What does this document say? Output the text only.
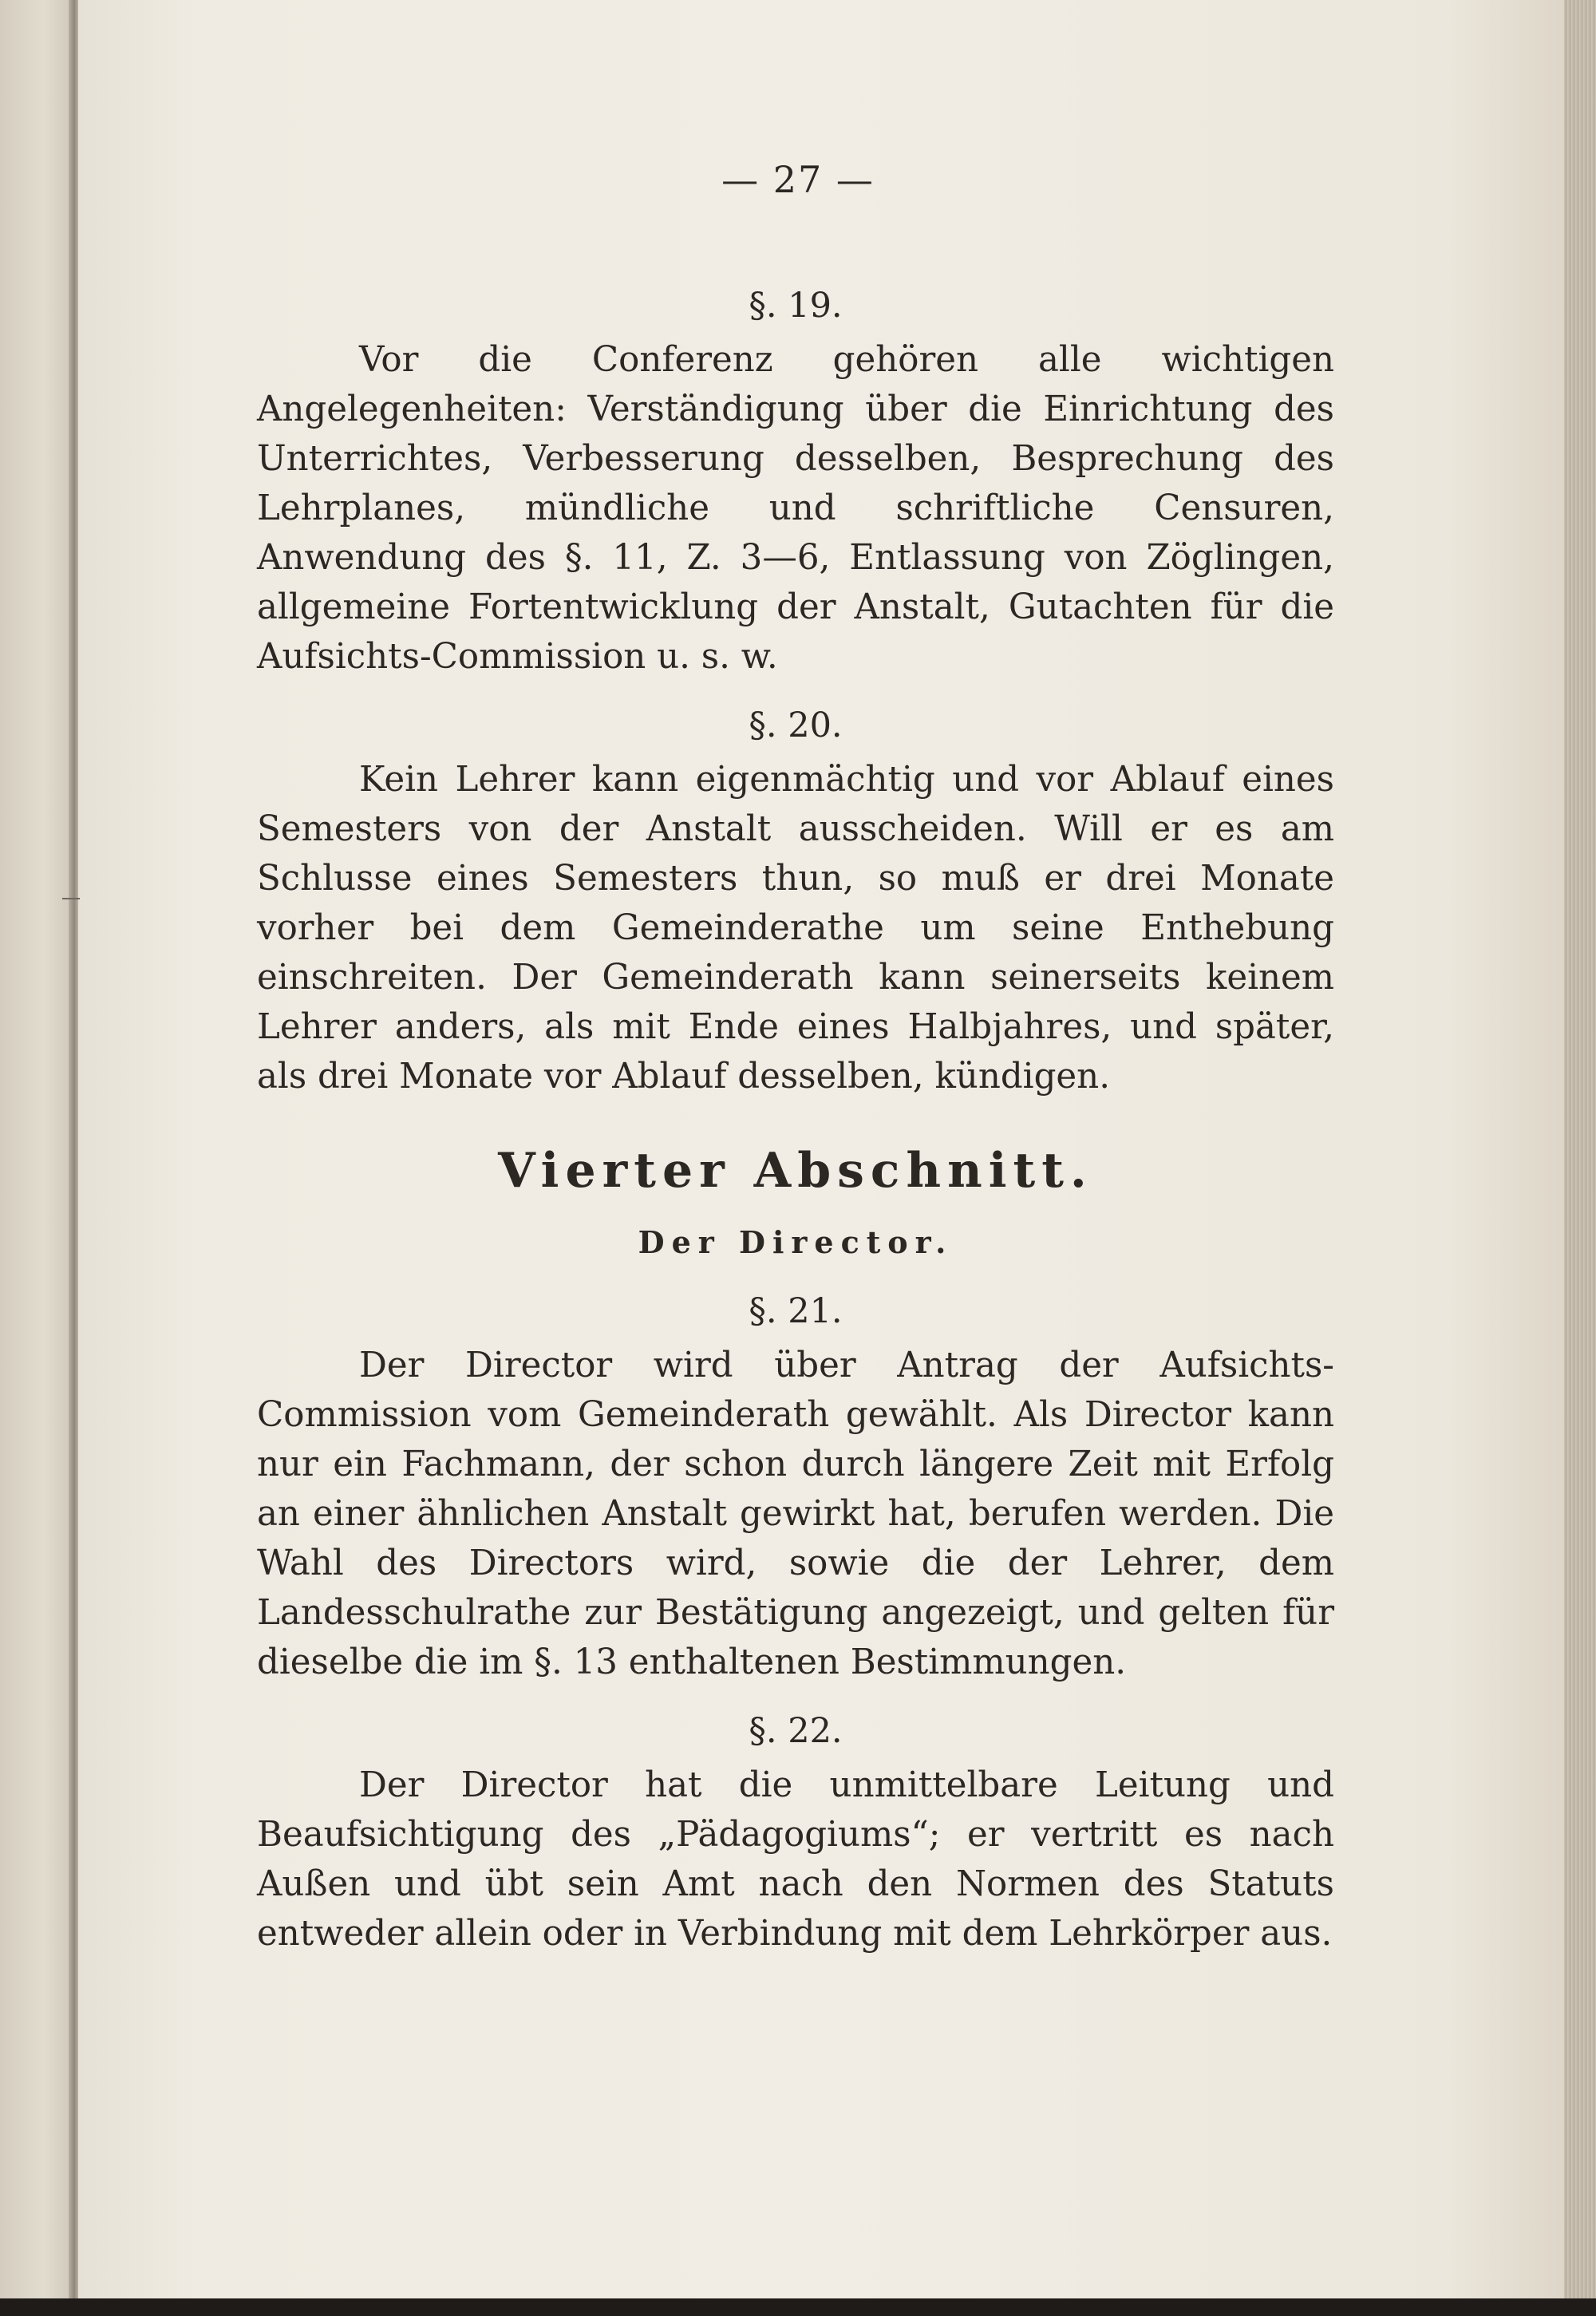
— 27 —
§. 19.

Vor die Conferenz gehören alle wichtigen Angelegenheiten: Verständigung über die Einrichtung des Unterrichtes, Verbesserung desselben, Besprechung des Lehrplanes, mündliche und schriftliche Censuren, Anwendung des §. 11, Z. 3—6, Entlassung von Zöglingen, allgemeine Fortentwicklung der Anstalt, Gutachten für die Aufsichts-Commission u. s. w.

§. 20.

Kein Lehrer kann eigenmächtig und vor Ablauf eines Semesters von der Anstalt ausscheiden. Will er es am Schlusse eines Semesters thun, so muß er drei Monate vorher bei dem Gemeinderathe um seine Enthebung einschreiten. Der Gemeinderath kann seinerseits keinem Lehrer anders, als mit Ende eines Halbjahres, und später, als drei Monate vor Ablauf desselben, kündigen.

Vierter Abschnitt.
Der Director.
§. 21.

Der Director wird über Antrag der Aufsichts-Commission vom Gemeinderath gewählt. Als Director kann nur ein Fachmann, der schon durch längere Zeit mit Erfolg an einer ähnlichen Anstalt gewirkt hat, berufen werden. Die Wahl des Directors wird, sowie die der Lehrer, dem Landesschulrathe zur Bestätigung angezeigt, und gelten für dieselbe die im §. 13 enthaltenen Bestimmungen.

§. 22.

Der Director hat die unmittelbare Leitung und Beaufsichtigung des „Pädagogiums“; er vertritt es nach Außen und übt sein Amt nach den Normen des Statuts entweder allein oder in Verbindung mit dem Lehrkörper aus.
